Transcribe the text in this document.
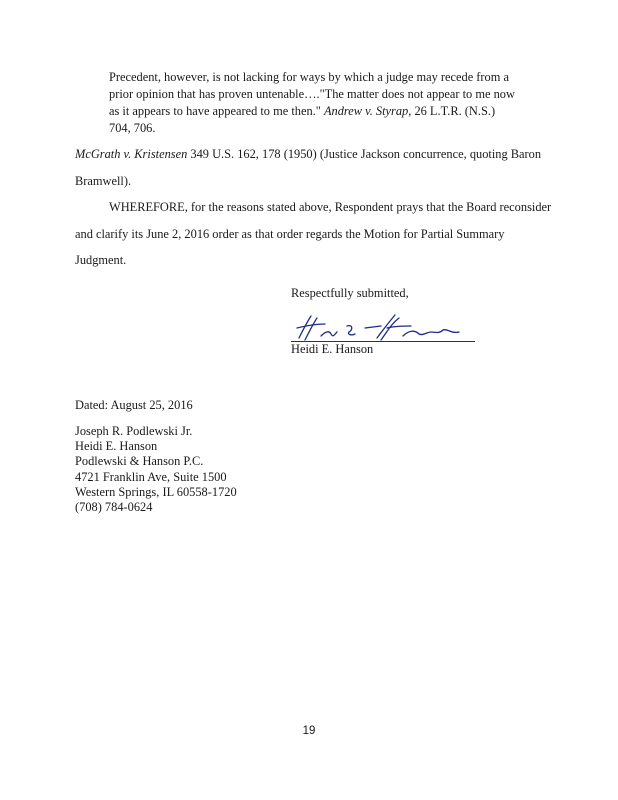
Precedent, however, is not lacking for ways by which a judge may recede from a

prior opinion that has proven untenable…."The matter does not appear to me now

as it appears to have appeared to me then." Andrew v. Styrap, 26 L.T.R. (N.S.)

704, 706.

McGrath v. Kristensen 349 U.S. 162, 178 (1950) (Justice Jackson concurrence, quoting Baron

Bramwell).

WHEREFORE, for the reasons stated above, Respondent prays that the Board reconsider

and clarify its June 2, 2016 order as that order regards the Motion for Partial Summary

Judgment.

Respectfully submitted,
Heidi E. Hanson
Dated: August 25, 2016
Joseph R. Podlewski Jr.
Heidi E. Hanson
Podlewski & Hanson P.C.
4721 Franklin Ave, Suite 1500
Western Springs, IL 60558-1720
(708) 784-0624
19
